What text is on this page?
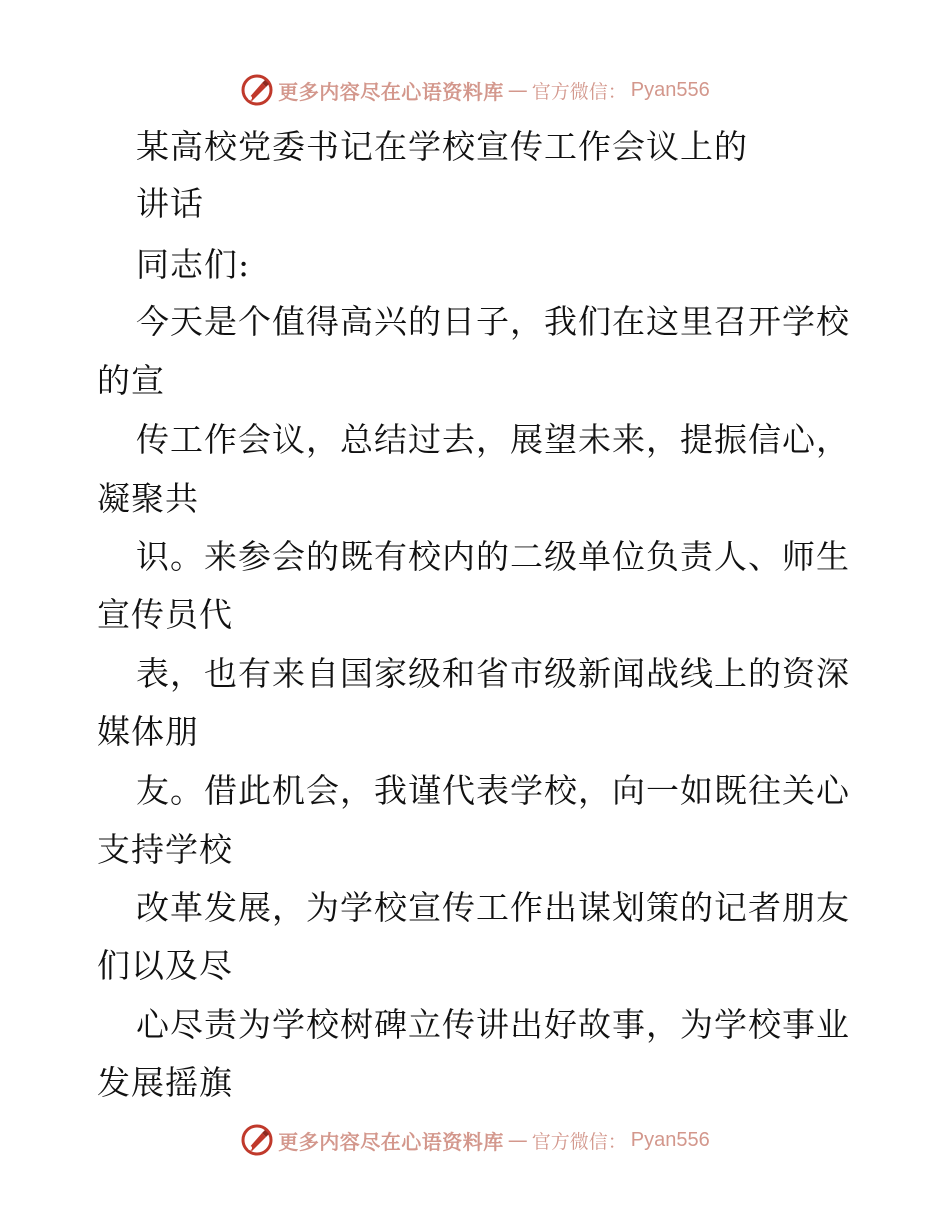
更多内容尽在心语资料库 — 官方微信： Pyan556
某高校党委书记在学校宣传工作会议上的
讲话
同志们:
今天是个值得高兴的日子，我们在这里召开学校
的宣
传工作会议，总结过去，展望未来，提振信心，
凝聚共
识。来参会的既有校内的二级单位负责人、师生
宣传员代
表，也有来自国家级和省市级新闻战线上的资深
媒体朋
友。借此机会，我谨代表学校，向一如既往关心
支持学校
改革发展，为学校宣传工作出谋划策的记者朋友
们以及尽
心尽责为学校树碑立传讲出好故事，为学校事业
发展摇旗
更多内容尽在心语资料库 — 官方微信： Pyan556
